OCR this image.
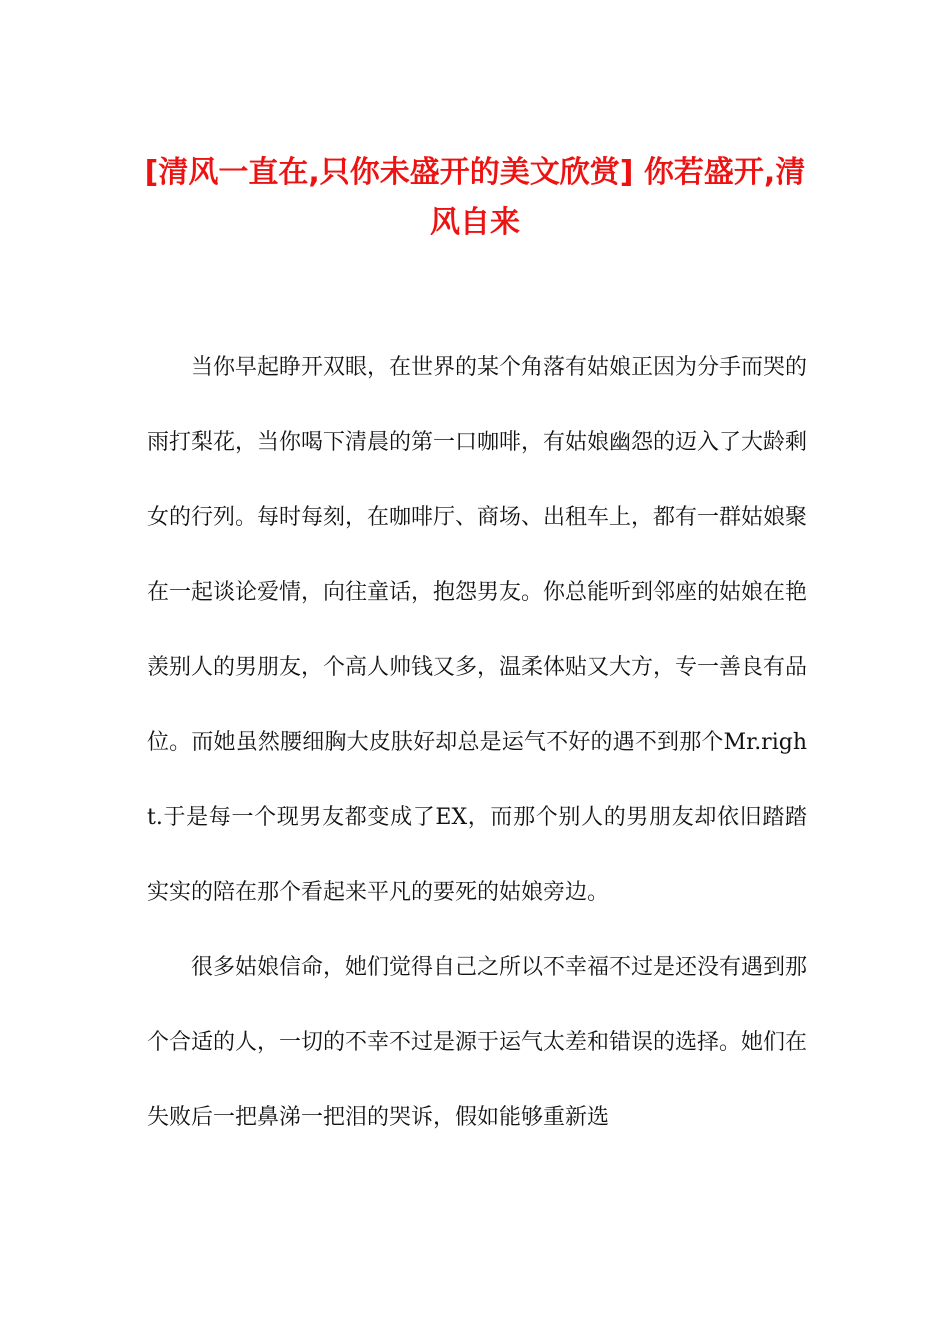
[清风一直在,只你未盛开的美文欣赏] 你若盛开,清风自来

当你早起睁开双眼，在世界的某个角落有姑娘正因为分手而哭的雨打梨花，当你喝下清晨的第一口咖啡，有姑娘幽怨的迈入了大龄剩女的行列。每时每刻，在咖啡厅、商场、出租车上，都有一群姑娘聚在一起谈论爱情，向往童话，抱怨男友。你总能听到邻座的姑娘在艳羡别人的男朋友，个高人帅钱又多，温柔体贴又大方，专一善良有品位。而她虽然腰细胸大皮肤好却总是运气不好的遇不到那个Mr.right.于是每一个现男友都变成了EX，而那个别人的男朋友却依旧踏踏实实的陪在那个看起来平凡的要死的姑娘旁边。

很多姑娘信命，她们觉得自己之所以不幸福不过是还没有遇到那个合适的人，一切的不幸不过是源于运气太差和错误的选择。她们在失败后一把鼻涕一把泪的哭诉，假如能够重新选
